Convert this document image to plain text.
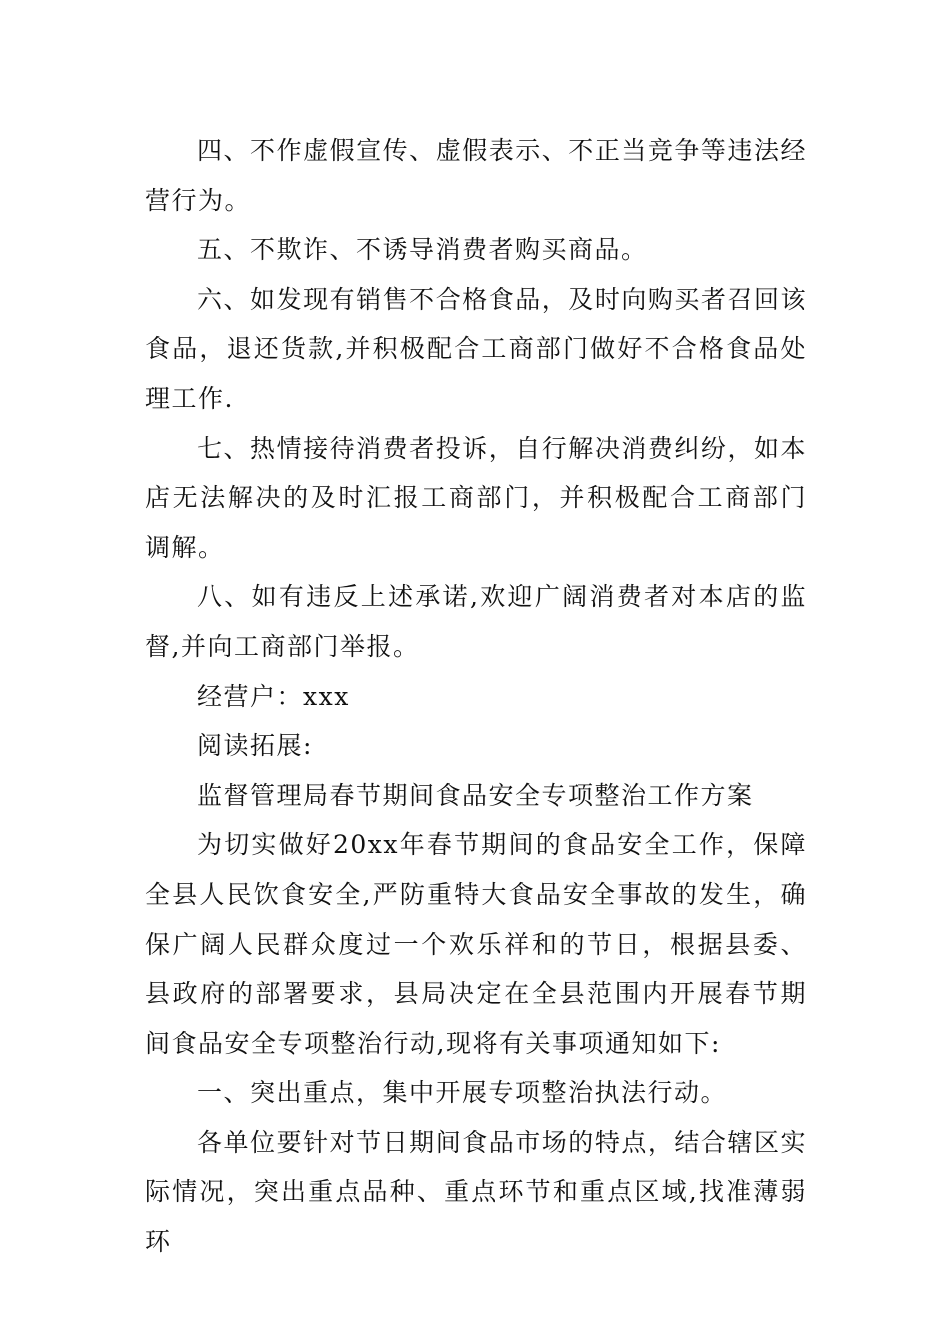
四、不作虚假宣传、虚假表示、不正当竞争等违法经营行为。

五、不欺诈、不诱导消费者购买商品。

六、如发现有销售不合格食品，及时向购买者召回该食品，退还货款,并积极配合工商部门做好不合格食品处理工作.

七、热情接待消费者投诉，自行解决消费纠纷，如本店无法解决的及时汇报工商部门，并积极配合工商部门调解。

八、如有违反上述承诺,欢迎广阔消费者对本店的监督,并向工商部门举报。

经营户：xxx

阅读拓展:

监督管理局春节期间食品安全专项整治工作方案

为切实做好20xx年春节期间的食品安全工作，保障全县人民饮食安全,严防重特大食品安全事故的发生，确保广阔人民群众度过一个欢乐祥和的节日，根据县委、县政府的部署要求，县局决定在全县范围内开展春节期间食品安全专项整治行动,现将有关事项通知如下:

一、突出重点，集中开展专项整治执法行动。

各单位要针对节日期间食品市场的特点，结合辖区实际情况，突出重点品种、重点环节和重点区域,找准薄弱环
